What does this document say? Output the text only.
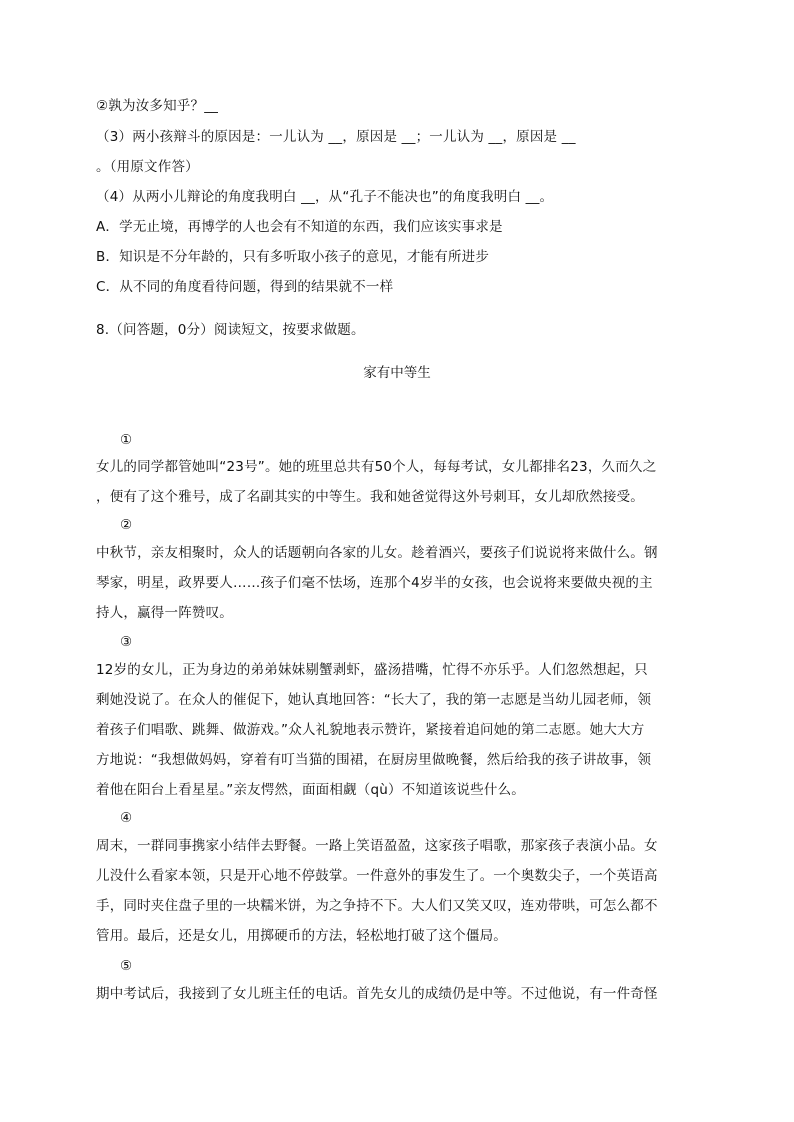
②孰为汝多知乎？__
（3）两小孩辩斗的原因是：一儿认为 __，原因是 __；一儿认为 __，原因是 __
。（用原文作答）
（4）从两小儿辩论的角度我明白 __，从“孔子不能决也”的角度我明白 __。
A．学无止境，再博学的人也会有不知道的东西，我们应该实事求是
B．知识是不分年龄的，只有多听取小孩子的意见，才能有所进步
C．从不同的角度看待问题，得到的结果就不一样
8.（问答题，0分）阅读短文，按要求做题。
家有中等生
①
女儿的同学都管她叫“23号”。她的班里总共有50个人，每每考试，女儿都排名23，久而久之
，便有了这个雅号，成了名副其实的中等生。我和她爸觉得这外号刺耳，女儿却欣然接受。
②
中秋节，亲友相聚时，众人的话题朝向各家的儿女。趁着酒兴，要孩子们说说将来做什么。钢
琴家，明星，政界要人……孩子们毫不怯场，连那个4岁半的女孩，也会说将来要做央视的主
持人，赢得一阵赞叹。
③
12岁的女儿，正为身边的弟弟妹妹剔蟹剥虾，盛汤措嘴，忙得不亦乐乎。人们忽然想起，只
剩她没说了。在众人的催促下，她认真地回答：“长大了，我的第一志愿是当幼儿园老师，领
着孩子们唱歌、跳舞、做游戏。”众人礼貌地表示赞许，紧接着追问她的第二志愿。她大大方
方地说：“我想做妈妈，穿着有叮当猫的围裙，在厨房里做晚餐，然后给我的孩子讲故事，领
着他在阳台上看星星。”亲友愕然，面面相觑（qù）不知道该说些什么。
④
周末，一群同事携家小结伴去野餐。一路上笑语盈盈，这家孩子唱歌，那家孩子表演小品。女
儿没什么看家本领，只是开心地不停鼓掌。一件意外的事发生了。一个奥数尖子，一个英语高
手，同时夹住盘子里的一块糯米饼，为之争持不下。大人们又笑又叹，连劝带哄，可怎么都不
管用。最后，还是女儿，用掷硬币的方法，轻松地打破了这个僵局。
⑤
期中考试后，我接到了女儿班主任的电话。首先女儿的成绩仍是中等。不过他说，有一件奇怪
